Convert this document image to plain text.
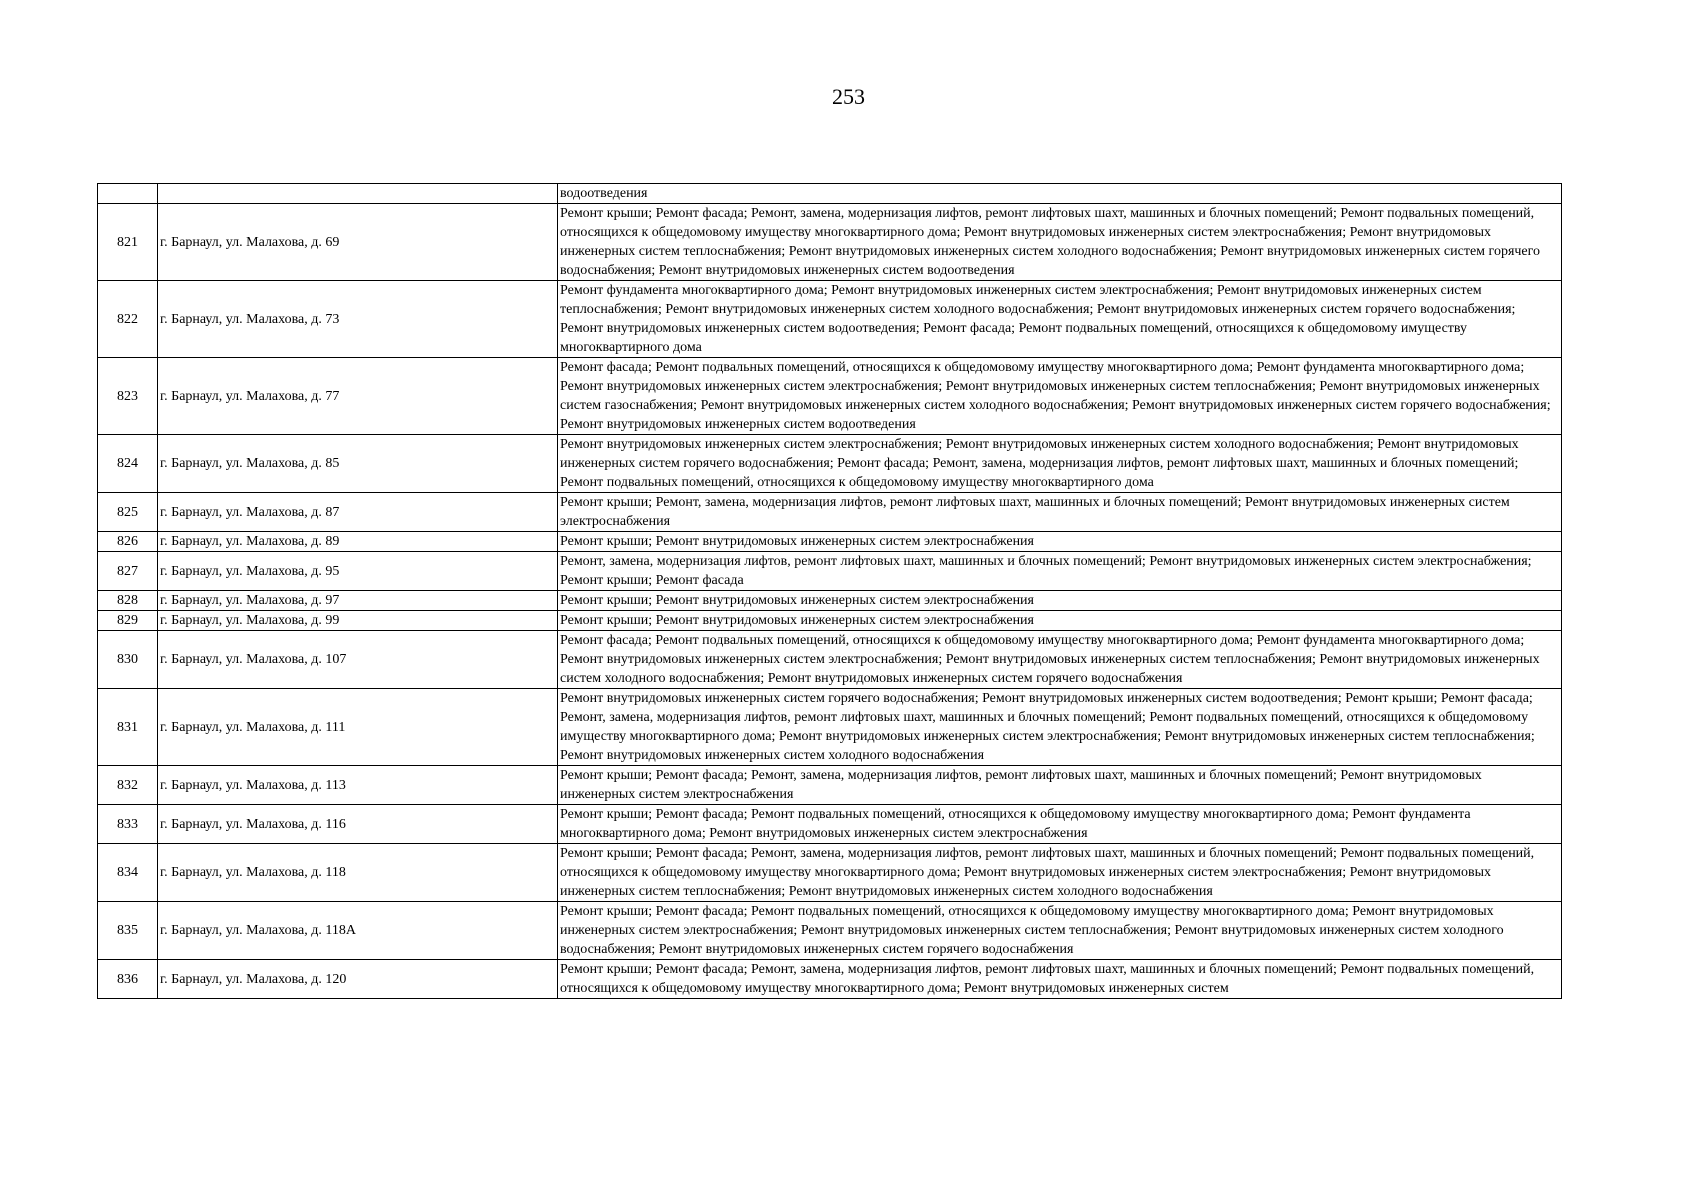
253
		водоотведения
821	г. Барнаул, ул. Малахова, д. 69	Ремонт крыши; Ремонт фасада; Ремонт, замена, модернизация лифтов, ремонт лифтовых шахт, машинных и блочных помещений; Ремонт подвальных помещений, относящихся к общедомовому имуществу многоквартирного дома; Ремонт внутридомовых инженерных систем электроснабжения; Ремонт внутридомовых инженерных систем теплоснабжения; Ремонт внутридомовых инженерных систем холодного водоснабжения; Ремонт внутридомовых инженерных систем горячего водоснабжения; Ремонт внутридомовых инженерных систем водоотведения
822	г. Барнаул, ул. Малахова, д. 73	Ремонт фундамента многоквартирного дома; Ремонт внутридомовых инженерных систем электроснабжения; Ремонт внутридомовых инженерных систем теплоснабжения; Ремонт внутридомовых инженерных систем холодного водоснабжения; Ремонт внутридомовых инженерных систем горячего водоснабжения; Ремонт внутридомовых инженерных систем водоотведения; Ремонт фасада; Ремонт подвальных помещений, относящихся к общедомовому имуществу многоквартирного дома
823	г. Барнаул, ул. Малахова, д. 77	Ремонт фасада; Ремонт подвальных помещений, относящихся к общедомовому имуществу многоквартирного дома; Ремонт фундамента многоквартирного дома; Ремонт внутридомовых инженерных систем электроснабжения; Ремонт внутридомовых инженерных систем теплоснабжения; Ремонт внутридомовых инженерных систем газоснабжения; Ремонт внутридомовых инженерных систем холодного водоснабжения; Ремонт внутридомовых инженерных систем горячего водоснабжения; Ремонт внутридомовых инженерных систем водоотведения
824	г. Барнаул, ул. Малахова, д. 85	Ремонт внутридомовых инженерных систем электроснабжения; Ремонт внутридомовых инженерных систем холодного водоснабжения; Ремонт внутридомовых инженерных систем горячего водоснабжения; Ремонт фасада; Ремонт, замена, модернизация лифтов, ремонт лифтовых шахт, машинных и блочных помещений; Ремонт подвальных помещений, относящихся к общедомовому имуществу многоквартирного дома
825	г. Барнаул, ул. Малахова, д. 87	Ремонт крыши; Ремонт, замена, модернизация лифтов, ремонт лифтовых шахт, машинных и блочных помещений; Ремонт внутридомовых инженерных систем электроснабжения
826	г. Барнаул, ул. Малахова, д. 89	Ремонт крыши; Ремонт внутридомовых инженерных систем электроснабжения
827	г. Барнаул, ул. Малахова, д. 95	Ремонт, замена, модернизация лифтов, ремонт лифтовых шахт, машинных и блочных помещений; Ремонт внутридомовых инженерных систем электроснабжения; Ремонт крыши; Ремонт фасада
828	г. Барнаул, ул. Малахова, д. 97	Ремонт крыши; Ремонт внутридомовых инженерных систем электроснабжения
829	г. Барнаул, ул. Малахова, д. 99	Ремонт крыши; Ремонт внутридомовых инженерных систем электроснабжения
830	г. Барнаул, ул. Малахова, д. 107	Ремонт фасада; Ремонт подвальных помещений, относящихся к общедомовому имуществу многоквартирного дома; Ремонт фундамента многоквартирного дома; Ремонт внутридомовых инженерных систем электроснабжения; Ремонт внутридомовых инженерных систем теплоснабжения; Ремонт внутридомовых инженерных систем холодного водоснабжения; Ремонт внутридомовых инженерных систем горячего водоснабжения
831	г. Барнаул, ул. Малахова, д. 111	Ремонт внутридомовых инженерных систем горячего водоснабжения; Ремонт внутридомовых инженерных систем водоотведения; Ремонт крыши; Ремонт фасада; Ремонт, замена, модернизация лифтов, ремонт лифтовых шахт, машинных и блочных помещений; Ремонт подвальных помещений, относящихся к общедомовому имуществу многоквартирного дома; Ремонт внутридомовых инженерных систем электроснабжения; Ремонт внутридомовых инженерных систем теплоснабжения; Ремонт внутридомовых инженерных систем холодного водоснабжения
832	г. Барнаул, ул. Малахова, д. 113	Ремонт крыши; Ремонт фасада; Ремонт, замена, модернизация лифтов, ремонт лифтовых шахт, машинных и блочных помещений; Ремонт внутридомовых инженерных систем электроснабжения
833	г. Барнаул, ул. Малахова, д. 116	Ремонт крыши; Ремонт фасада; Ремонт подвальных помещений, относящихся к общедомовому имуществу многоквартирного дома; Ремонт фундамента многоквартирного дома; Ремонт внутридомовых инженерных систем электроснабжения
834	г. Барнаул, ул. Малахова, д. 118	Ремонт крыши; Ремонт фасада; Ремонт, замена, модернизация лифтов, ремонт лифтовых шахт, машинных и блочных помещений; Ремонт подвальных помещений, относящихся к общедомовому имуществу многоквартирного дома; Ремонт внутридомовых инженерных систем электроснабжения; Ремонт внутридомовых инженерных систем теплоснабжения; Ремонт внутридомовых инженерных систем холодного водоснабжения
835	г. Барнаул, ул. Малахова, д. 118А	Ремонт крыши; Ремонт фасада; Ремонт подвальных помещений, относящихся к общедомовому имуществу многоквартирного дома; Ремонт внутридомовых инженерных систем электроснабжения; Ремонт внутридомовых инженерных систем теплоснабжения; Ремонт внутридомовых инженерных систем холодного водоснабжения; Ремонт внутридомовых инженерных систем горячего водоснабжения
836	г. Барнаул, ул. Малахова, д. 120	Ремонт крыши; Ремонт фасада; Ремонт, замена, модернизация лифтов, ремонт лифтовых шахт, машинных и блочных помещений; Ремонт подвальных помещений, относящихся к общедомовому имуществу многоквартирного дома; Ремонт внутридомовых инженерных систем
